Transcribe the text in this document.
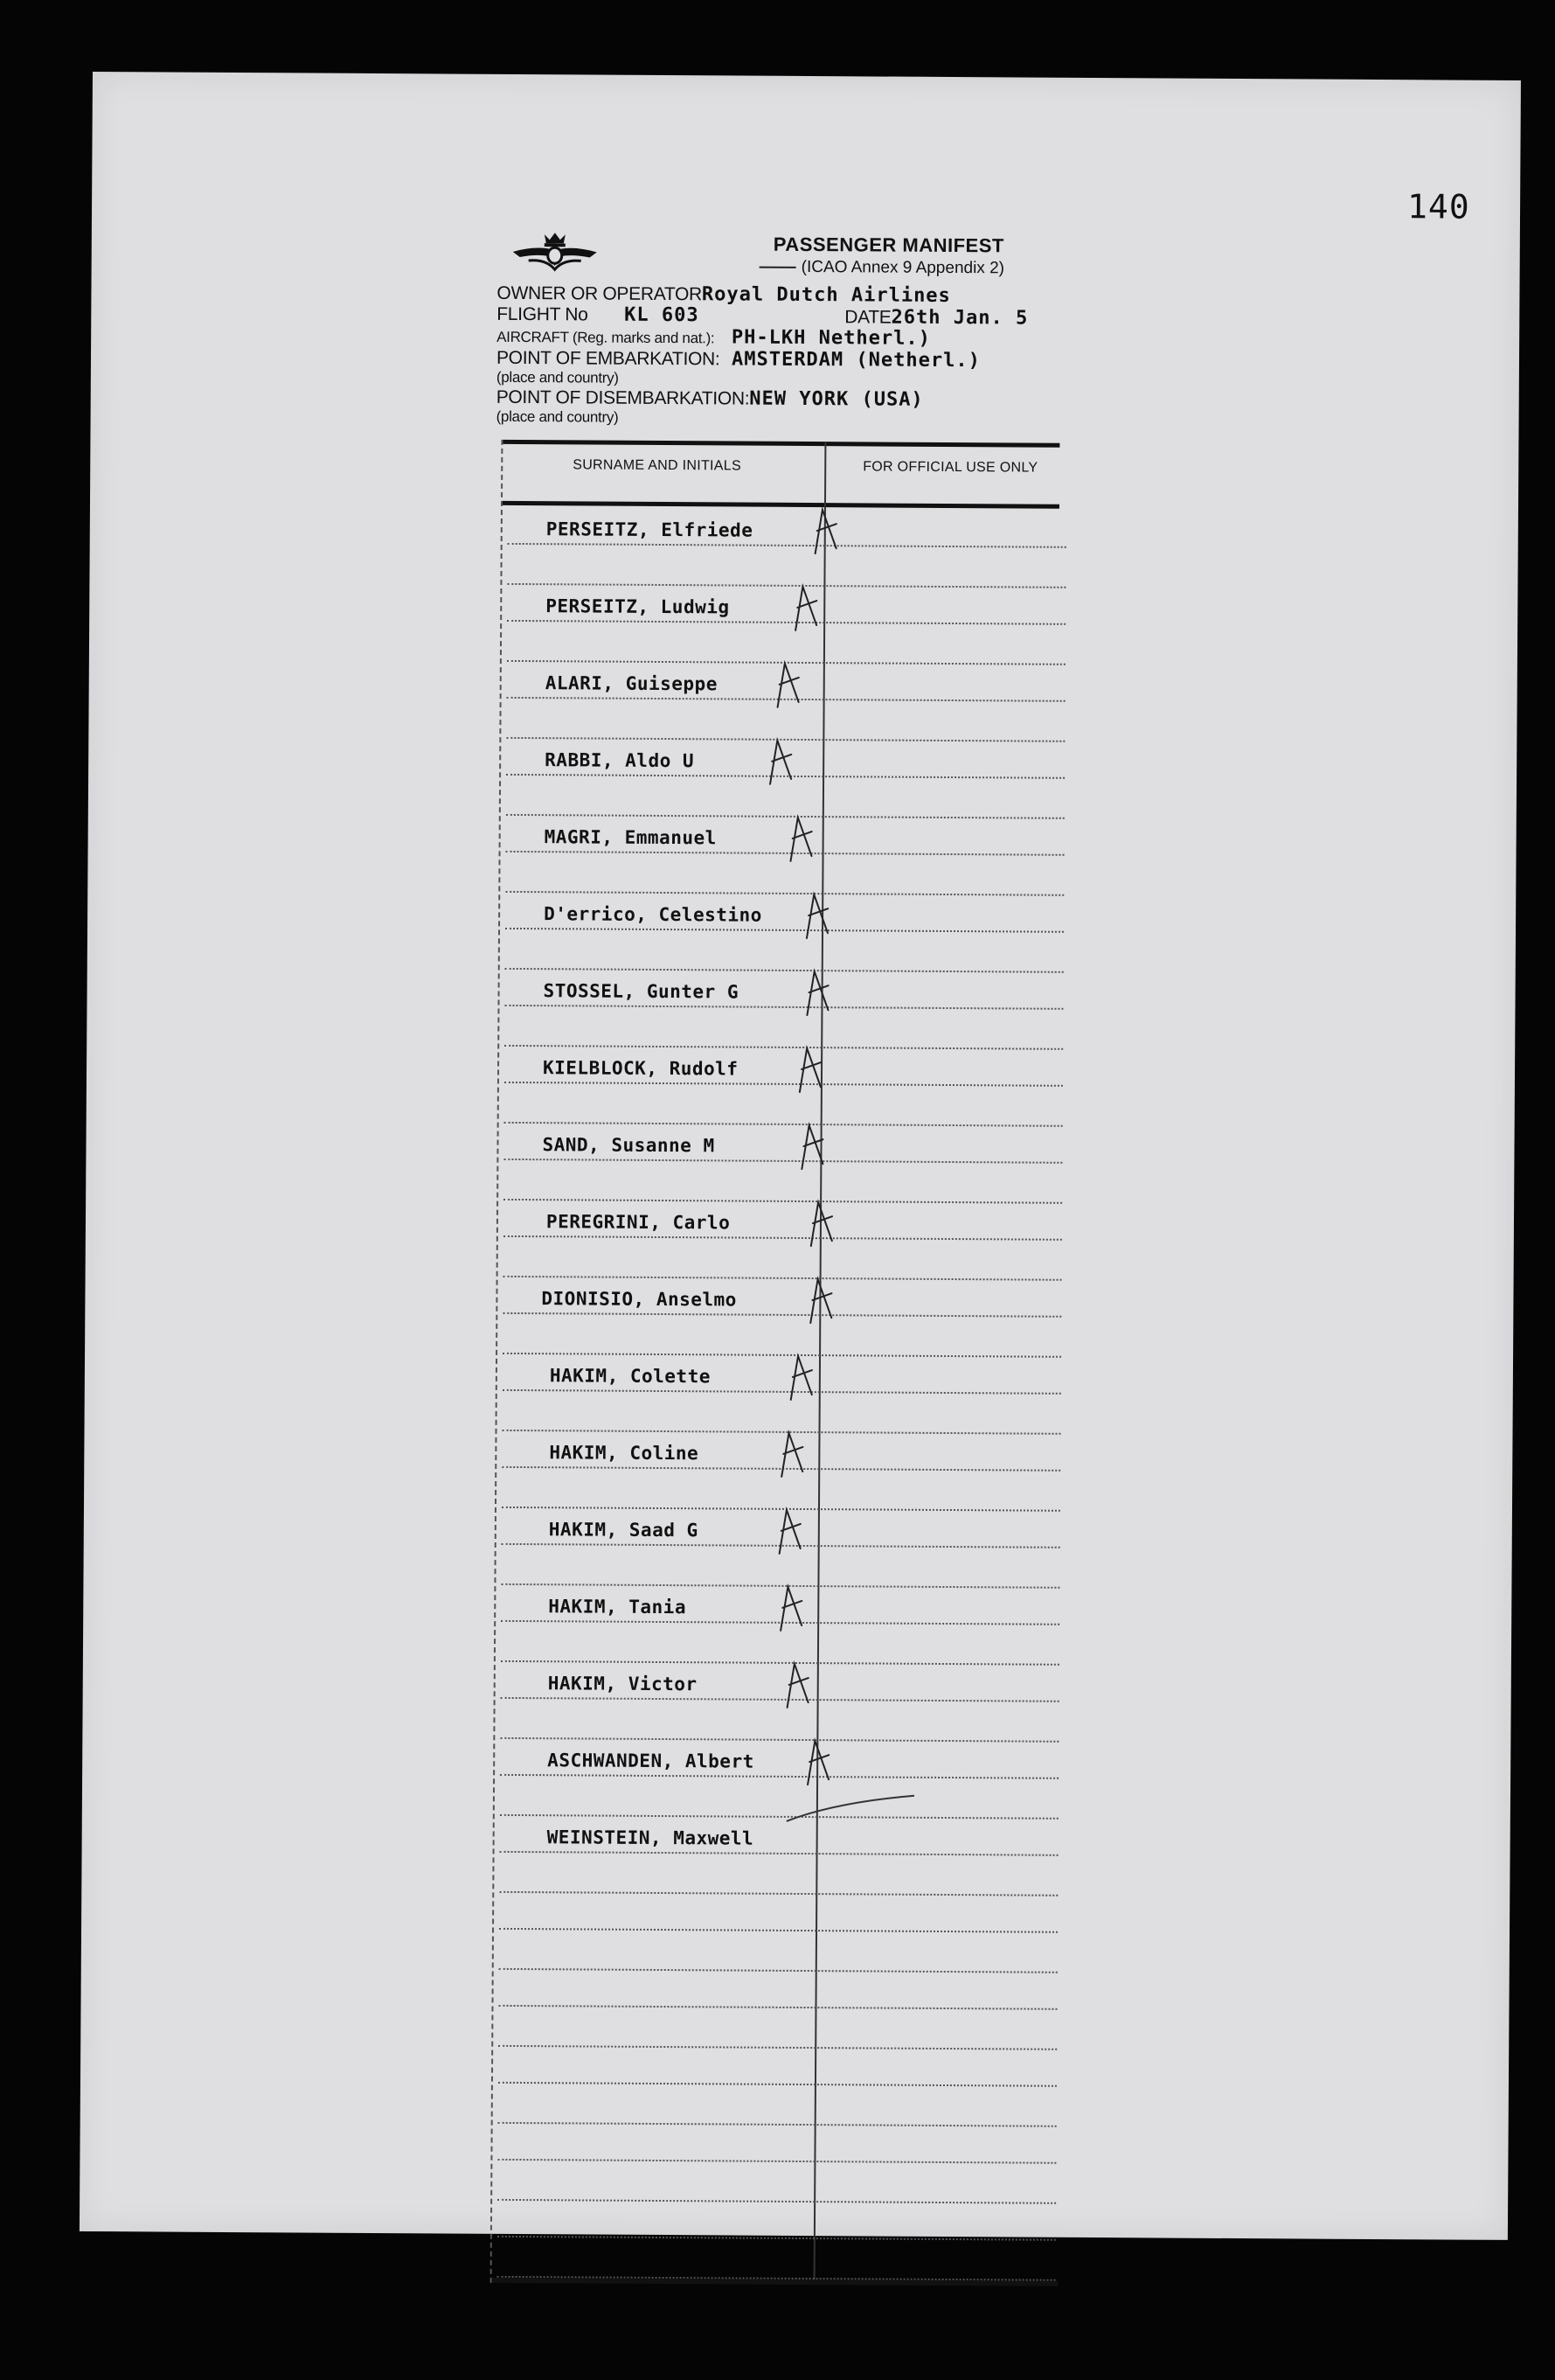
140
PASSENGER MANIFEST
(ICAO Annex 9 Appendix 2)
OWNER OR OPERATORRoyal Dutch Airlines
FLIGHT No KL 603	DATE26th Jan. 5
AIRCRAFT (Reg. marks and nat.): PH-LKH Netherl.)
POINT OF EMBARKATION: AMSTERDAM (Netherl.)
(place and country)
POINT OF DISEMBARKATION:NEW YORK (USA)
(place and country)
SURNAME AND INITIALS	FOR OFFICIAL USE ONLY
PERSEITZ, Elfriede
PERSEITZ, Ludwig
ALARI, Guiseppe
RABBI, Aldo U
MAGRI, Emmanuel
D'errico, Celestino
STOSSEL, Gunter G
KIELBLOCK, Rudolf
SAND, Susanne M
PEREGRINI, Carlo
DIONISIO, Anselmo
HAKIM, Colette
HAKIM, Coline
HAKIM, Saad G
HAKIM, Tania
HAKIM, Victor
ASCHWANDEN, Albert
WEINSTEIN, Maxwell
